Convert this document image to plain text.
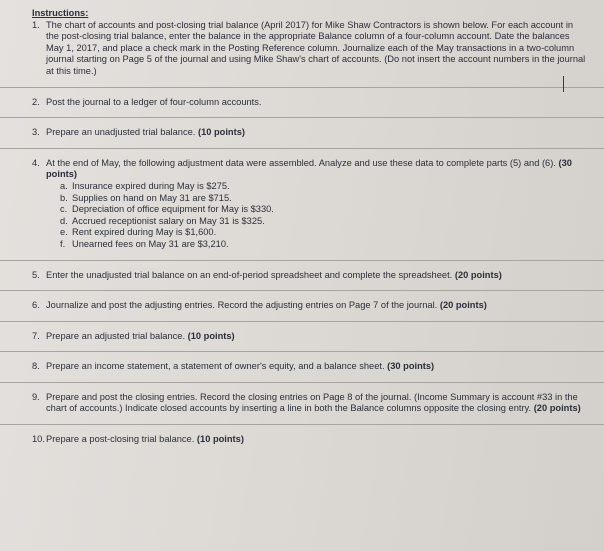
Instructions:

1. The chart of accounts and post-closing trial balance (April 2017) for Mike Shaw Contractors is shown below. For each account in the post-closing trial balance, enter the balance in the appropriate Balance column of a four-column account. Date the balances May 1, 2017, and place a check mark in the Posting Reference column. Journalize each of the May transactions in a two-column journal starting on Page 5 of the journal and using Mike Shaw's chart of accounts. (Do not insert the account numbers in the journal at this time.)

2. Post the journal to a ledger of four-column accounts.

3. Prepare an unadjusted trial balance. (10 points)

4. At the end of May, the following adjustment data were assembled. Analyze and use these data to complete parts (5) and (6). (30 points)

a. Insurance expired during May is $275.
b. Supplies on hand on May 31 are $715.
c. Depreciation of office equipment for May is $330.
d. Accrued receptionist salary on May 31 is $325.
e. Rent expired during May is $1,600.
f. Unearned fees on May 31 are $3,210.

5. Enter the unadjusted trial balance on an end-of-period spreadsheet and complete the spreadsheet. (20 points)

6. Journalize and post the adjusting entries. Record the adjusting entries on Page 7 of the journal. (20 points)

7. Prepare an adjusted trial balance. (10 points)

8. Prepare an income statement, a statement of owner's equity, and a balance sheet. (30 points)

9. Prepare and post the closing entries. Record the closing entries on Page 8 of the journal. (Income Summary is account #33 in the chart of accounts.) Indicate closed accounts by inserting a line in both the Balance columns opposite the closing entry. (20 points)

10.Prepare a post-closing trial balance. (10 points)
